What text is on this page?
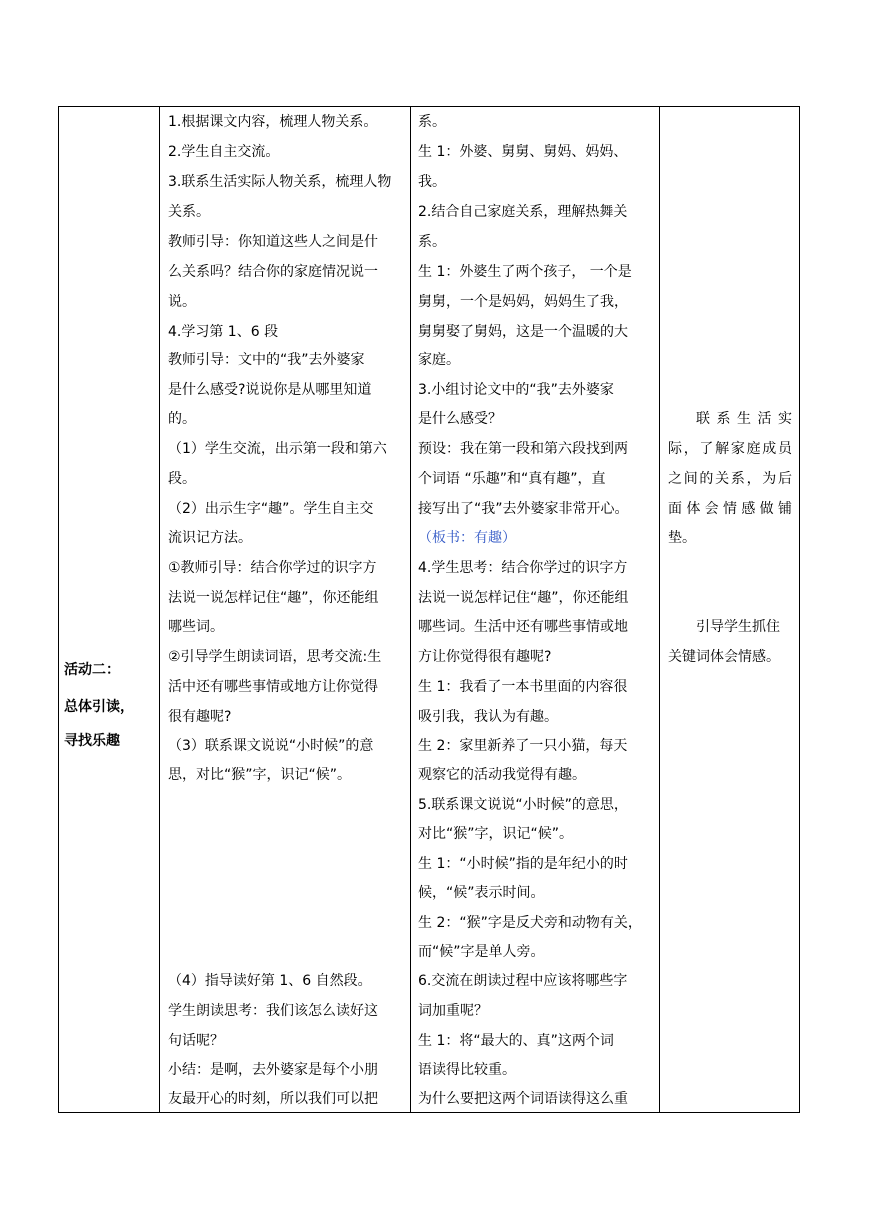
活动二：
总体引读，
寻找乐趣
1.根据课文内容，梳理人物关系。
2.学生自主交流。
3.联系生活实际人物关系，梳理人物
关系。
教师引导：你知道这些人之间是什
么关系吗？结合你的家庭情况说一
说。
4.学习第 1、6 段
教师引导：文中的“我”去外婆家
是什么感受?说说你是从哪里知道
的。
（1）学生交流，出示第一段和第六
段。
（2）出示生字“趣”。学生自主交
流识记方法。
①教师引导：结合你学过的识字方
法说一说怎样记住“趣”，你还能组
哪些词。
②引导学生朗读词语，思考交流:生
活中还有哪些事情或地方让你觉得
很有趣呢?
（3）联系课文说说“小时候”的意
思，对比“猴”字，识记“候”。
（4）指导读好第 1、6 自然段。
学生朗读思考：我们该怎么读好这
句话呢？
小结：是啊，去外婆家是每个小朋
友最开心的时刻，所以我们可以把
系。
生 1：外婆、舅舅、舅妈、妈妈、
我。
2.结合自己家庭关系，理解热舞关
系。
生 1：外婆生了两个孩子， 一个是
舅舅，一个是妈妈，妈妈生了我，
舅舅娶了舅妈，这是一个温暖的大
家庭。
3.小组讨论文中的“我”去外婆家
是什么感受？
预设：我在第一段和第六段找到两
个词语 “乐趣”和“真有趣”，直
接写出了“我”去外婆家非常开心。
（板书：有趣）
4.学生思考：结合你学过的识字方
法说一说怎样记住“趣”，你还能组
哪些词。生活中还有哪些事情或地
方让你觉得很有趣呢?
生 1：我看了一本书里面的内容很
吸引我，我认为有趣。
生 2：家里新养了一只小猫，每天
观察它的活动我觉得有趣。
5.联系课文说说“小时候”的意思，
对比“猴”字，识记“候”。
生 1：“小时候”指的是年纪小的时
候，“候”表示时间。
生 2：“猴”字是反犬旁和动物有关，
而“候”字是单人旁。
6.交流在朗读过程中应该将哪些字
词加重呢？
生 1：将“最大的、真”这两个词
语读得比较重。
为什么要把这两个词语读得这么重
联系生活实
际，了解家庭成员
之间的关系，为后
面体会情感做铺
垫。
引导学生抓住
关键词体会情感。
